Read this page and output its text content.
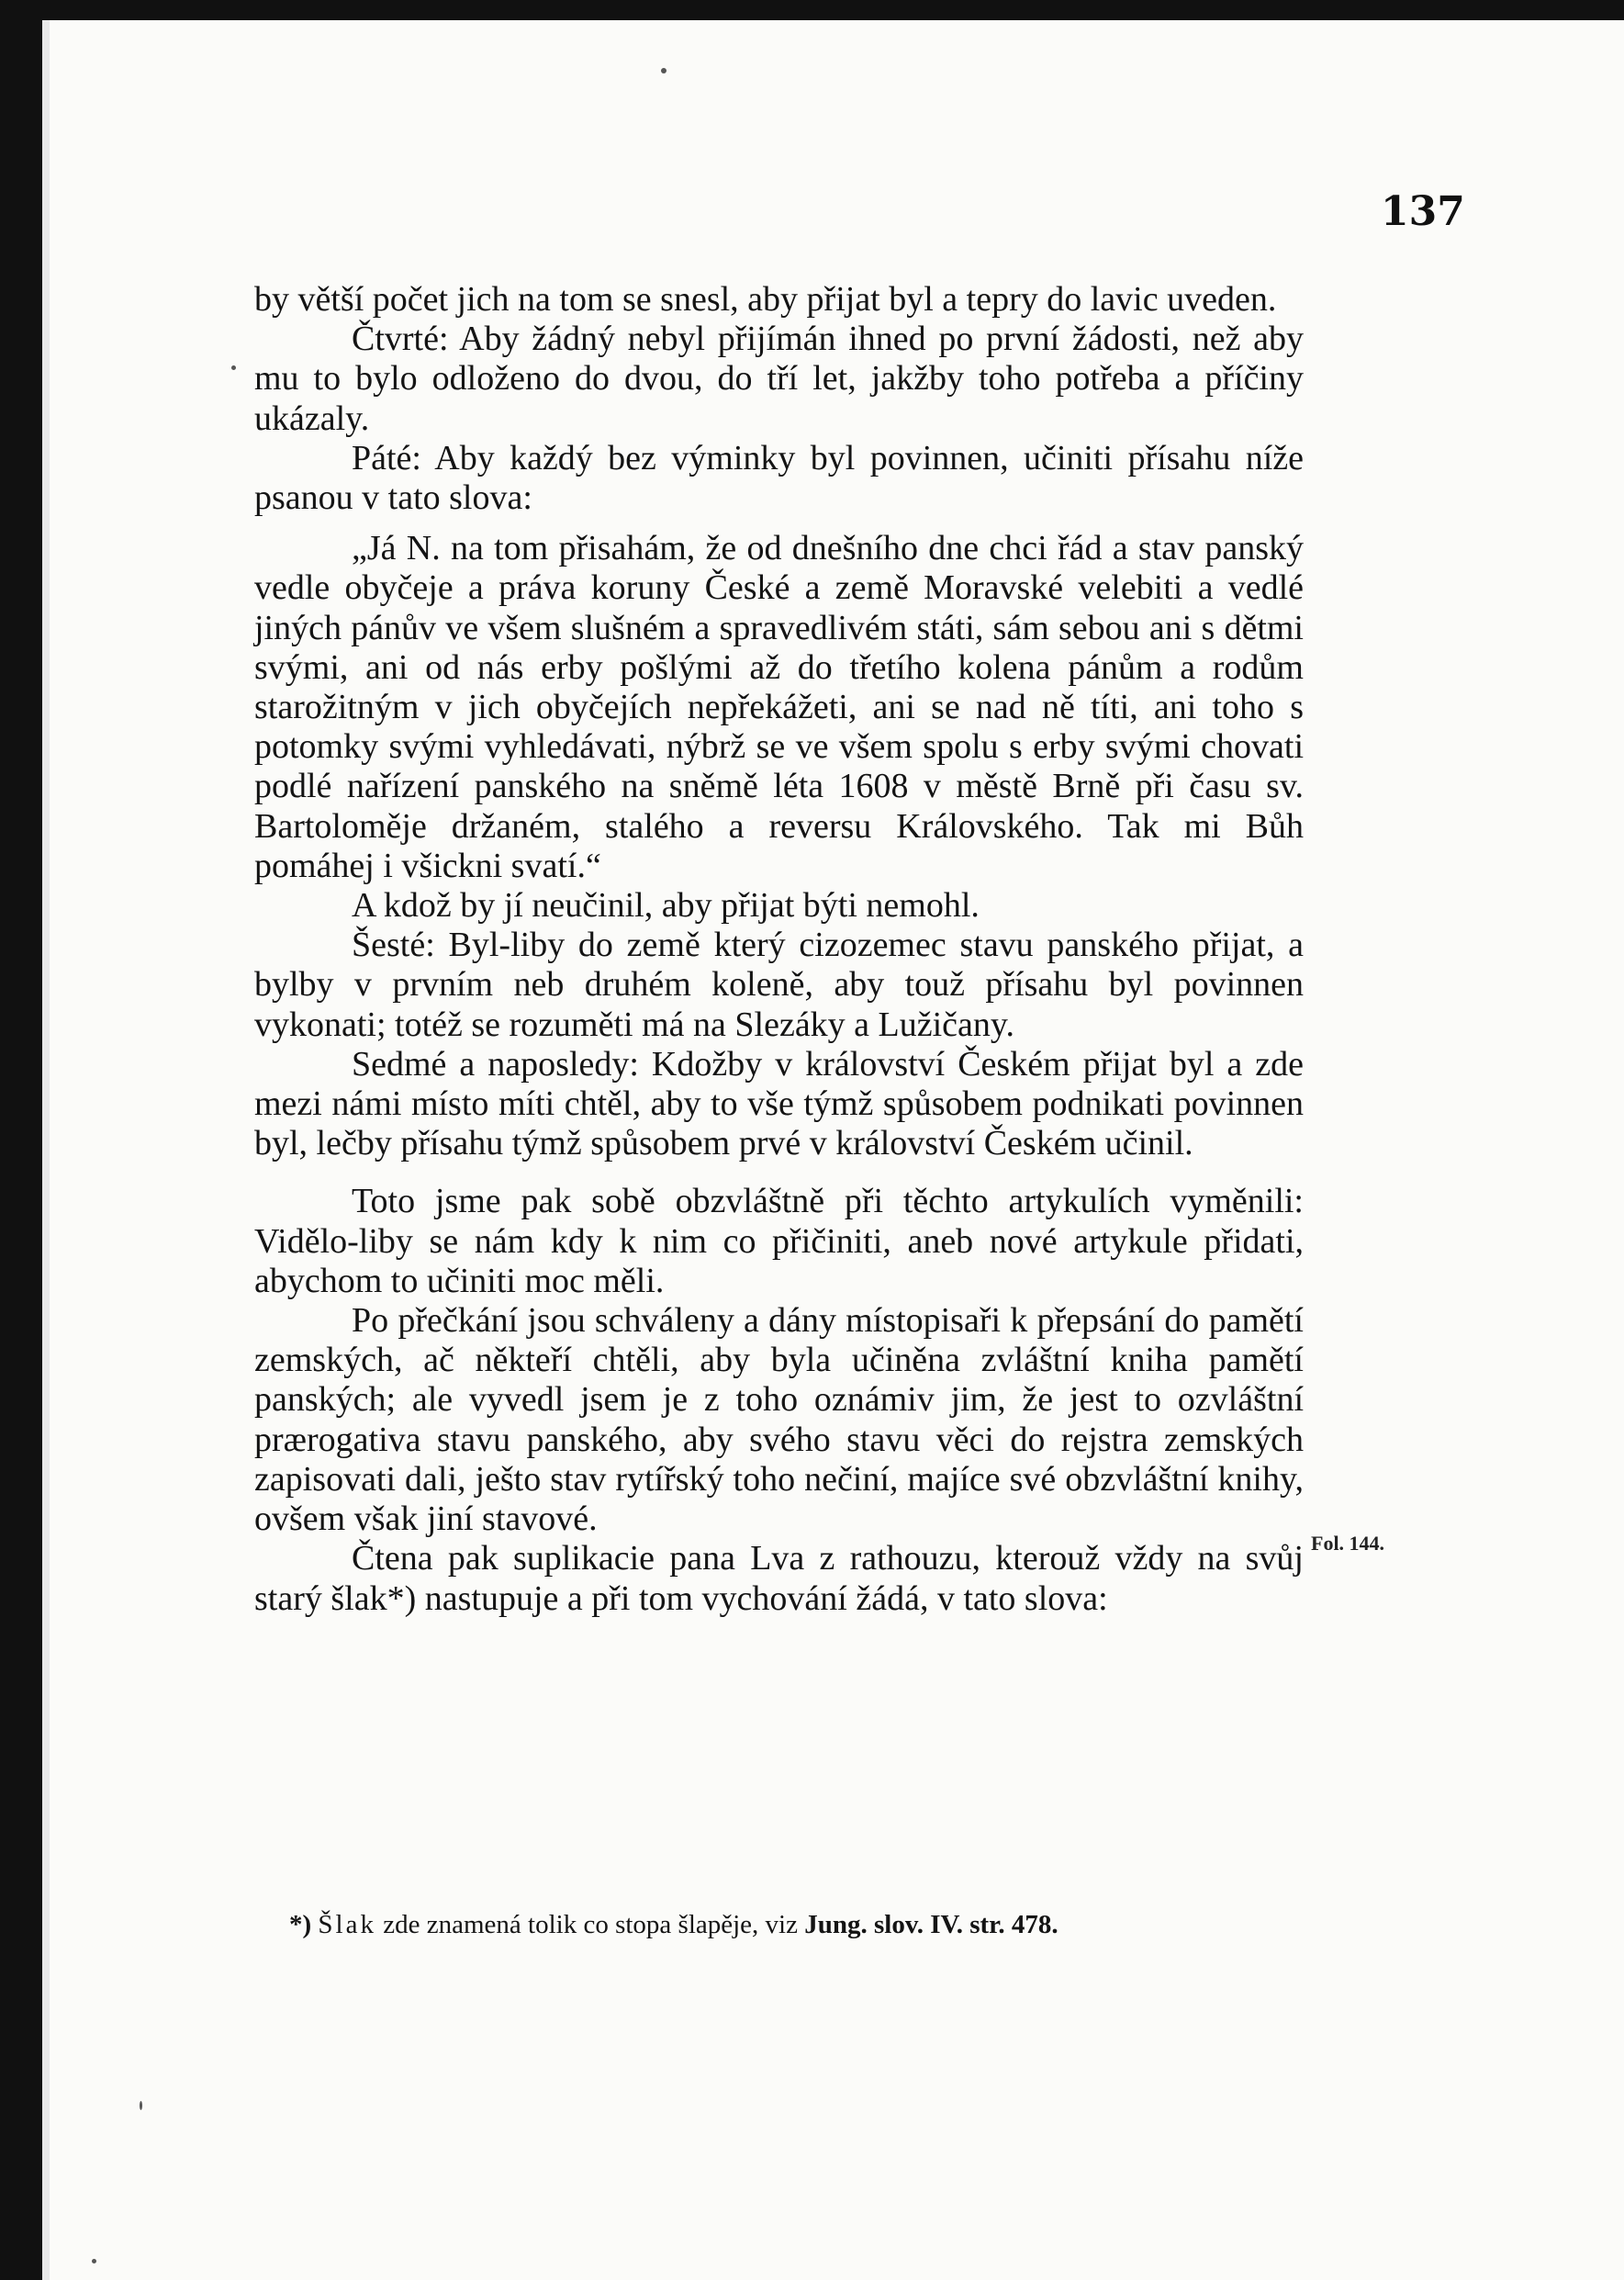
137

by větší počet jich na tom se snesl, aby přijat byl a tepry do lavic uveden.

Čtvrté: Aby žádný nebyl přijímán ihned po první žádosti, než aby mu to bylo odloženo do dvou, do tří let, jakžby toho potřeba a příčiny ukázaly.

Páté: Aby každý bez výminky byl povinnen, učiniti přísahu níže psanou v tato slova:

„Já N. na tom přisahám, že od dnešního dne chci řád a stav panský vedle obyčeje a práva koruny České a země Moravské velebiti a vedlé jiných pánův ve všem slušném a spravedlivém státi, sám sebou ani s dětmi svými, ani od nás erby pošlými až do třetího kolena pánům a rodům starožitným v jich obyčejích nepřekážeti, ani se nad ně títi, ani toho s potomky svými vyhledávati, nýbrž se ve všem spolu s erby svými chovati podlé nařízení panského na sněmě léta 1608 v městě Brně při času sv. Bartoloměje držaném, stalého a reversu Královského. Tak mi Bůh pomáhej i všickni svatí.“

A kdož by jí neučinil, aby přijat býti nemohl.

Šesté: Byl-liby do země který cizozemec stavu panského přijat, a bylby v prvním neb druhém koleně, aby touž přísahu byl povinnen vykonati; totéž se rozuměti má na Slezáky a Lužičany.

Sedmé a naposledy: Kdožby v království Českém přijat byl a zde mezi námi místo míti chtěl, aby to vše týmž spůsobem podnikati povinnen byl, lečby přísahu týmž spůsobem prvé v království Českém učinil.

Toto jsme pak sobě obzvláštně při těchto artykulích vyměnili: Vidělo-liby se nám kdy k nim co přičiniti, aneb nové artykule přidati, abychom to učiniti moc měli.

Po přečkání jsou schváleny a dány místopisaři k přepsání do pamětí zemských, ač někteří chtěli, aby byla učiněna zvláštní kniha pamětí panských; ale vyvedl jsem je z toho oznámiv jim, že jest to ozvláštní prærogativa stavu panského, aby svého stavu věci do rejstra zemských zapisovati dali, ješto stav rytířský toho nečiní, majíce své obzvláštní knihy, ovšem však jiní stavové.

Čtena pak suplikacie pana Lva z rathouzu, kterouž vždy na svůj starý šlak*) nastupuje a při tom vychování žádá, v tato slova:

Fol. 144.
*) Šlak zde znamená tolik co stopa šlapěje, viz Jung. slov. IV. str. 478.
